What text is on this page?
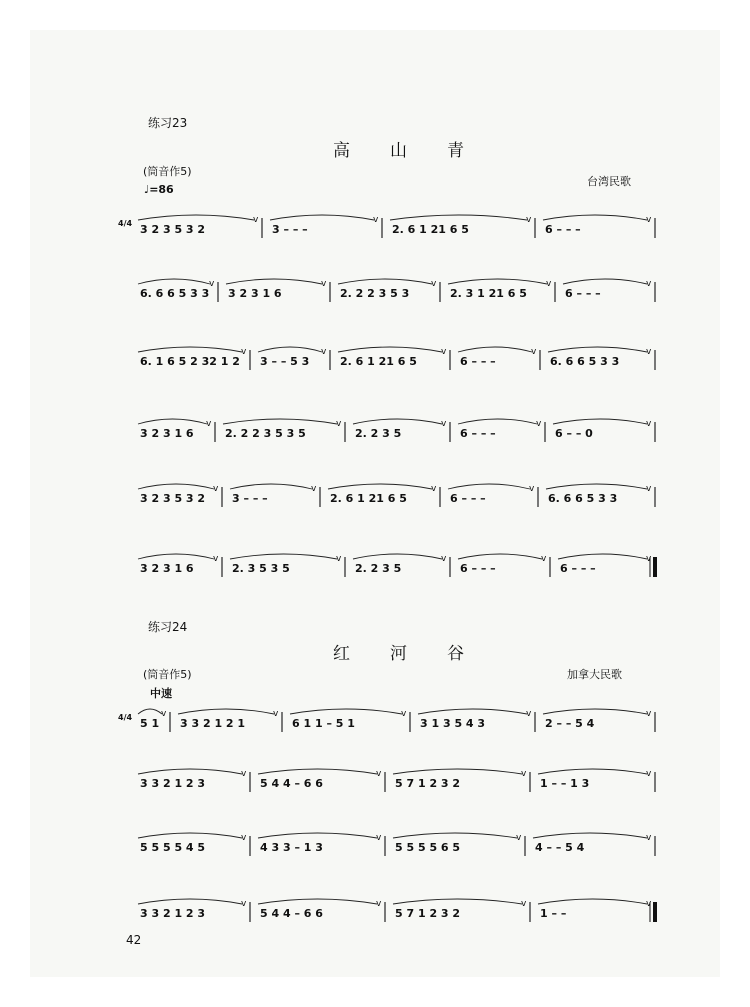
练习23
高山青
(筒音作5)
♩=86
台湾民歌
练习24
红河谷
(筒音作5)
中速
加拿大民歌
42
4/4 3 2 3 5 3 2
v
3 – – –
v
2. 6 1 21 6 5
v
6 – – –
v
6. 6 6 5 3 3
v
3 2 3 1 6
v
2. 2 2 3 5 3
v
2. 3 1 21 6 5
v
6 – – –
v
6. 1 6 5 2 32 1 2
v
3 – – 5 3
v
2. 6 1 21 6 5
v
6 – – –
v
6. 6 6 5 3 3
v
3 2 3 1 6
v
2. 2 2 3 5 3 5
v
2. 2 3 5
v
6 – – –
v
6 – – 0
v
3 2 3 5 3 2
v
3 – – –
v
2. 6 1 21 6 5
v
6 – – –
v
6. 6 6 5 3 3
v
3 2 3 1 6
v
2. 3 5 3 5
v
2. 2 3 5
v
6 – – –
v
6 – – –
v
4/4 5 1
v
3 3 2 1 2 1
v
6 1 1 – 5 1
v
3 1 3 5 4 3
v
2 – – 5 4
v
3 3 2 1 2 3
v
5 4 4 – 6 6
v
5 7 1 2 3 2
v
1 – – 1 3
v
5 5 5 5 4 5
v
4 3 3 – 1 3
v
5 5 5 5 6 5
v
4 – – 5 4
v
3 3 2 1 2 3
v
5 4 4 – 6 6
v
5 7 1 2 3 2
v
1 – –
v
